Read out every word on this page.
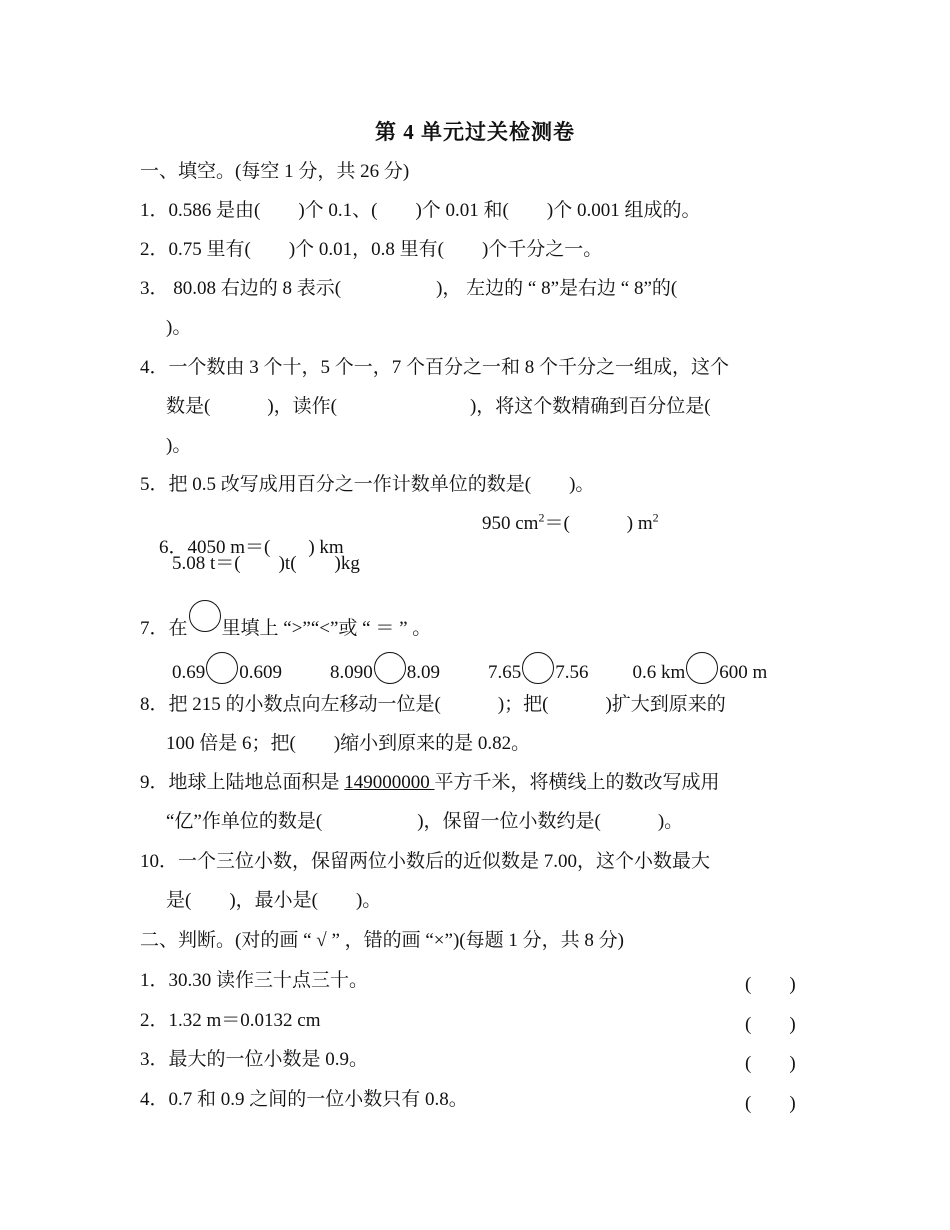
第 4 单元过关检测卷
一、填空。(每空 1 分，共 26 分)
1．0.586 是由(　　)个 0.1、(　　)个 0.01 和(　　)个 0.001 组成的。
2．0.75 里有(　　)个 0.01，0.8 里有(　　)个千分之一。
3． 80.08 右边的 8 表示(　　　　　)， 左边的 “ 8”是右边 “ 8”的(
)。
4．一个数由 3 个十，5 个一，7 个百分之一和 8 个千分之一组成，这个
数是(　　　)，读作(　　　　　　　)，将这个数精确到百分位是(
)。
5．把 0.5 改写成用百分之一作计数单位的数是(　　)。

6．4050 m＝(　　) km

950 $cm^2=$(　　　) $m^2$
5.08 t＝(　　)t(　　)kg
7．在 里填上 “>”“<”或 “ ＝ ” 。
0.69 0.609	8.090 8.09	7.65 7.56 0.6 km 600 m
8．把 215 的小数点向左移动一位是(　　　)；把(　　　)扩大到原来的
100 倍是 6；把(　　)缩小到原来的是 0.82。
9．地球上陆地总面积是 149000000 平方千米，将横线上的数改写成用
“亿”作单位的数是(　　　　　)，保留一位小数约是(　　　)。
10．一个三位小数，保留两位小数后的近似数是 7.00，这个小数最大
是(　　)，最小是(　　)。
二、判断。(对的画 “ √ ” ，错的画 “×”)(每题 1 分，共 8 分)
1．30.30 读作三十点三十。	(　　)
2．1.32 m＝0.0132 cm	(　　)
3．最大的一位小数是 0.9。	(　　)
4．0.7 和 0.9 之间的一位小数只有 0.8。	(　　)
